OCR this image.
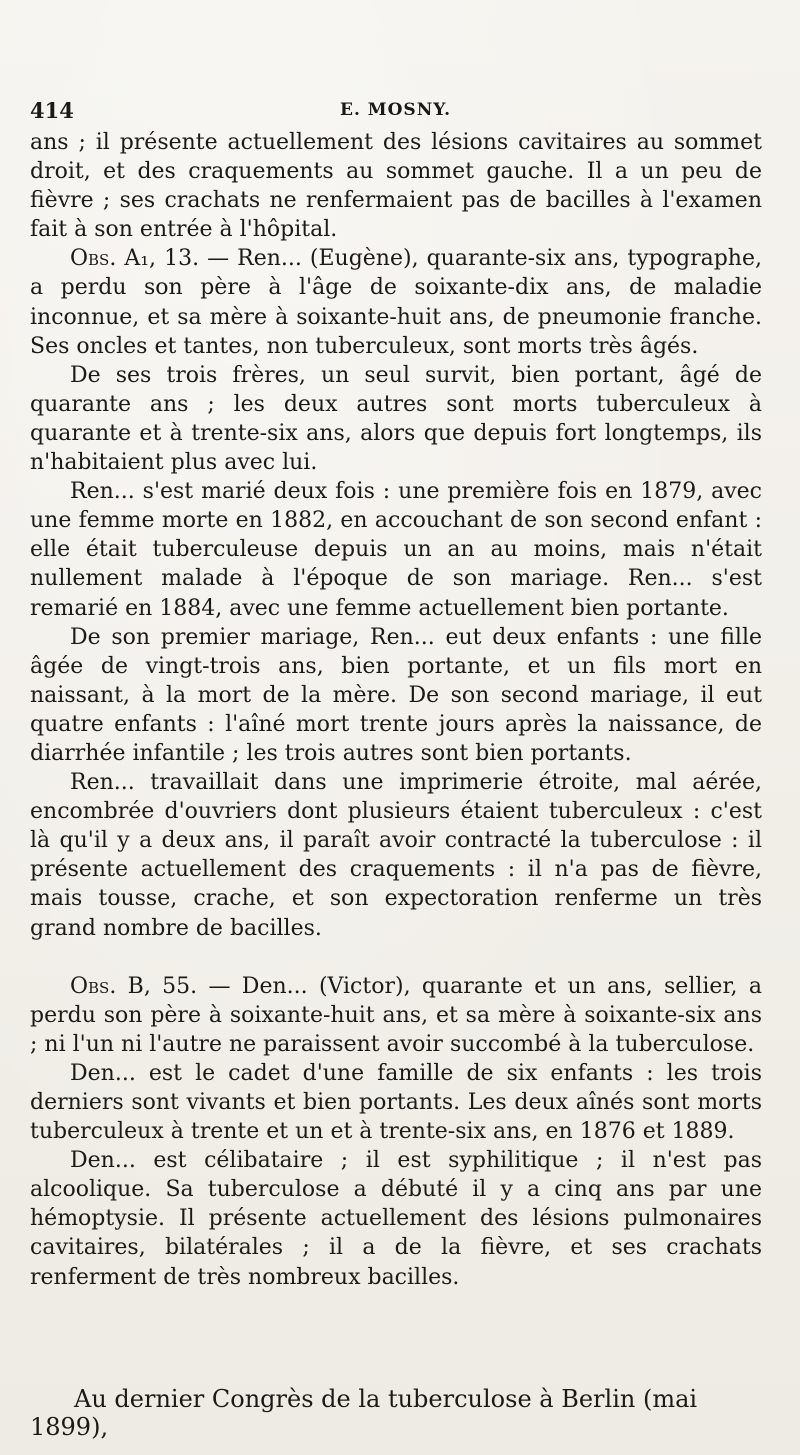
414	E. MOSNY.

ans ; il présente actuellement des lésions cavitaires au sommet droit, et des craquements au sommet gauche. Il a un peu de fièvre ; ses crachats ne renfermaient pas de bacilles à l'examen fait à son entrée à l'hôpital.

Obs. A₁, 13. — Ren... (Eugène), quarante-six ans, typographe, a perdu son père à l'âge de soixante-dix ans, de maladie inconnue, et sa mère à soixante-huit ans, de pneumonie franche. Ses oncles et tantes, non tuberculeux, sont morts très âgés.

De ses trois frères, un seul survit, bien portant, âgé de quarante ans ; les deux autres sont morts tuberculeux à quarante et à trente-six ans, alors que depuis fort longtemps, ils n'habitaient plus avec lui.

Ren... s'est marié deux fois : une première fois en 1879, avec une femme morte en 1882, en accouchant de son second enfant : elle était tuberculeuse depuis un an au moins, mais n'était nullement malade à l'époque de son mariage. Ren... s'est remarié en 1884, avec une femme actuellement bien portante.

De son premier mariage, Ren... eut deux enfants : une fille âgée de vingt-trois ans, bien portante, et un fils mort en naissant, à la mort de la mère. De son second mariage, il eut quatre enfants : l'aîné mort trente jours après la naissance, de diarrhée infantile ; les trois autres sont bien portants.

Ren... travaillait dans une imprimerie étroite, mal aérée, encombrée d'ouvriers dont plusieurs étaient tuberculeux : c'est là qu'il y a deux ans, il paraît avoir contracté la tuberculose : il présente actuellement des craquements : il n'a pas de fièvre, mais tousse, crache, et son expectoration renferme un très grand nombre de bacilles.

Obs. B, 55. — Den... (Victor), quarante et un ans, sellier, a perdu son père à soixante-huit ans, et sa mère à soixante-six ans ; ni l'un ni l'autre ne paraissent avoir succombé à la tuberculose.

Den... est le cadet d'une famille de six enfants : les trois derniers sont vivants et bien portants. Les deux aînés sont morts tuberculeux à trente et un et à trente-six ans, en 1876 et 1889.

Den... est célibataire ; il est syphilitique ; il n'est pas alcoolique. Sa tuberculose a débuté il y a cinq ans par une hémoptysie. Il présente actuellement des lésions pulmonaires cavitaires, bilatérales ; il a de la fièvre, et ses crachats renferment de très nombreux bacilles.

Au dernier Congrès de la tuberculose à Berlin (mai 1899),
